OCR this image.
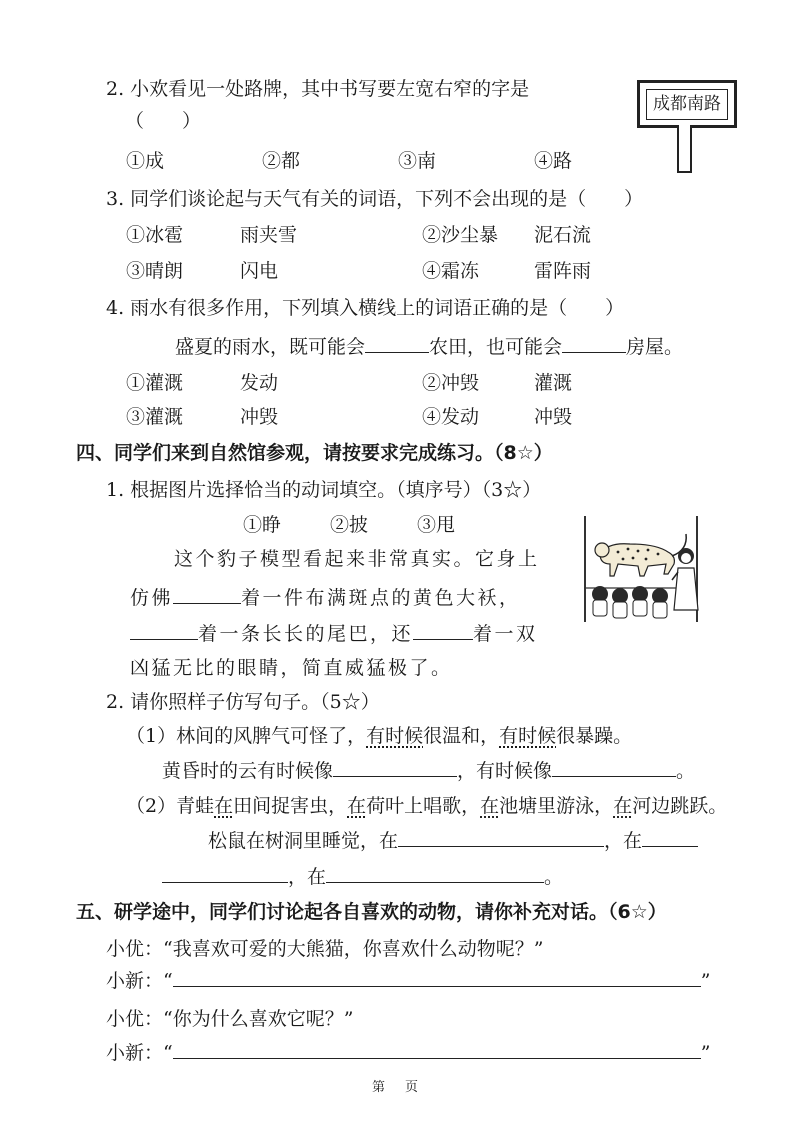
2. 小欢看见一处路牌，其中书写要左宽右窄的字是
（　　）
成都南路
①成	②都	③南	④路
3. 同学们谈论起与天气有关的词语，下列不会出现的是（　　）
①冰雹	雨夹雪	②沙尘暴 泥石流
③晴朗	闪电	④霜冻	雷阵雨
4. 雨水有很多作用，下列填入横线上的词语正确的是（　　）
盛夏的雨水，既可能会	农田，也可能会	房屋。
①灌溉	发动	②冲毁	灌溉
③灌溉	冲毁	④发动	冲毁
四、同学们来到自然馆参观，请按要求完成练习。（8☆）
1. 根据图片选择恰当的动词填空。（填序号）（3☆）
①睁	②披	③甩
这个豹子模型看起来非常真实。它身上
仿佛	着一件布满斑点的黄色大袄，
着一条长长的尾巴，还	着一双
凶猛无比的眼睛，简直威猛极了。
2. 请你照样子仿写句子。（5☆）
（1）林间的风脾气可怪了，有时候很温和，有时候很暴躁。
黄昏时的云有时候像	，有时候像	。
（2）青蛙在田间捉害虫，在荷叶上唱歌，在池塘里游泳，在河边跳跃。
松鼠在树洞里睡觉，在	，在
，在	。
五、研学途中，同学们讨论起各自喜欢的动物，请你补充对话。（6☆）
小优：“我喜欢可爱的大熊猫，你喜欢什么动物呢？”
小新：“	”
小优：“你为什么喜欢它呢？”
小新：“	”
第 页
